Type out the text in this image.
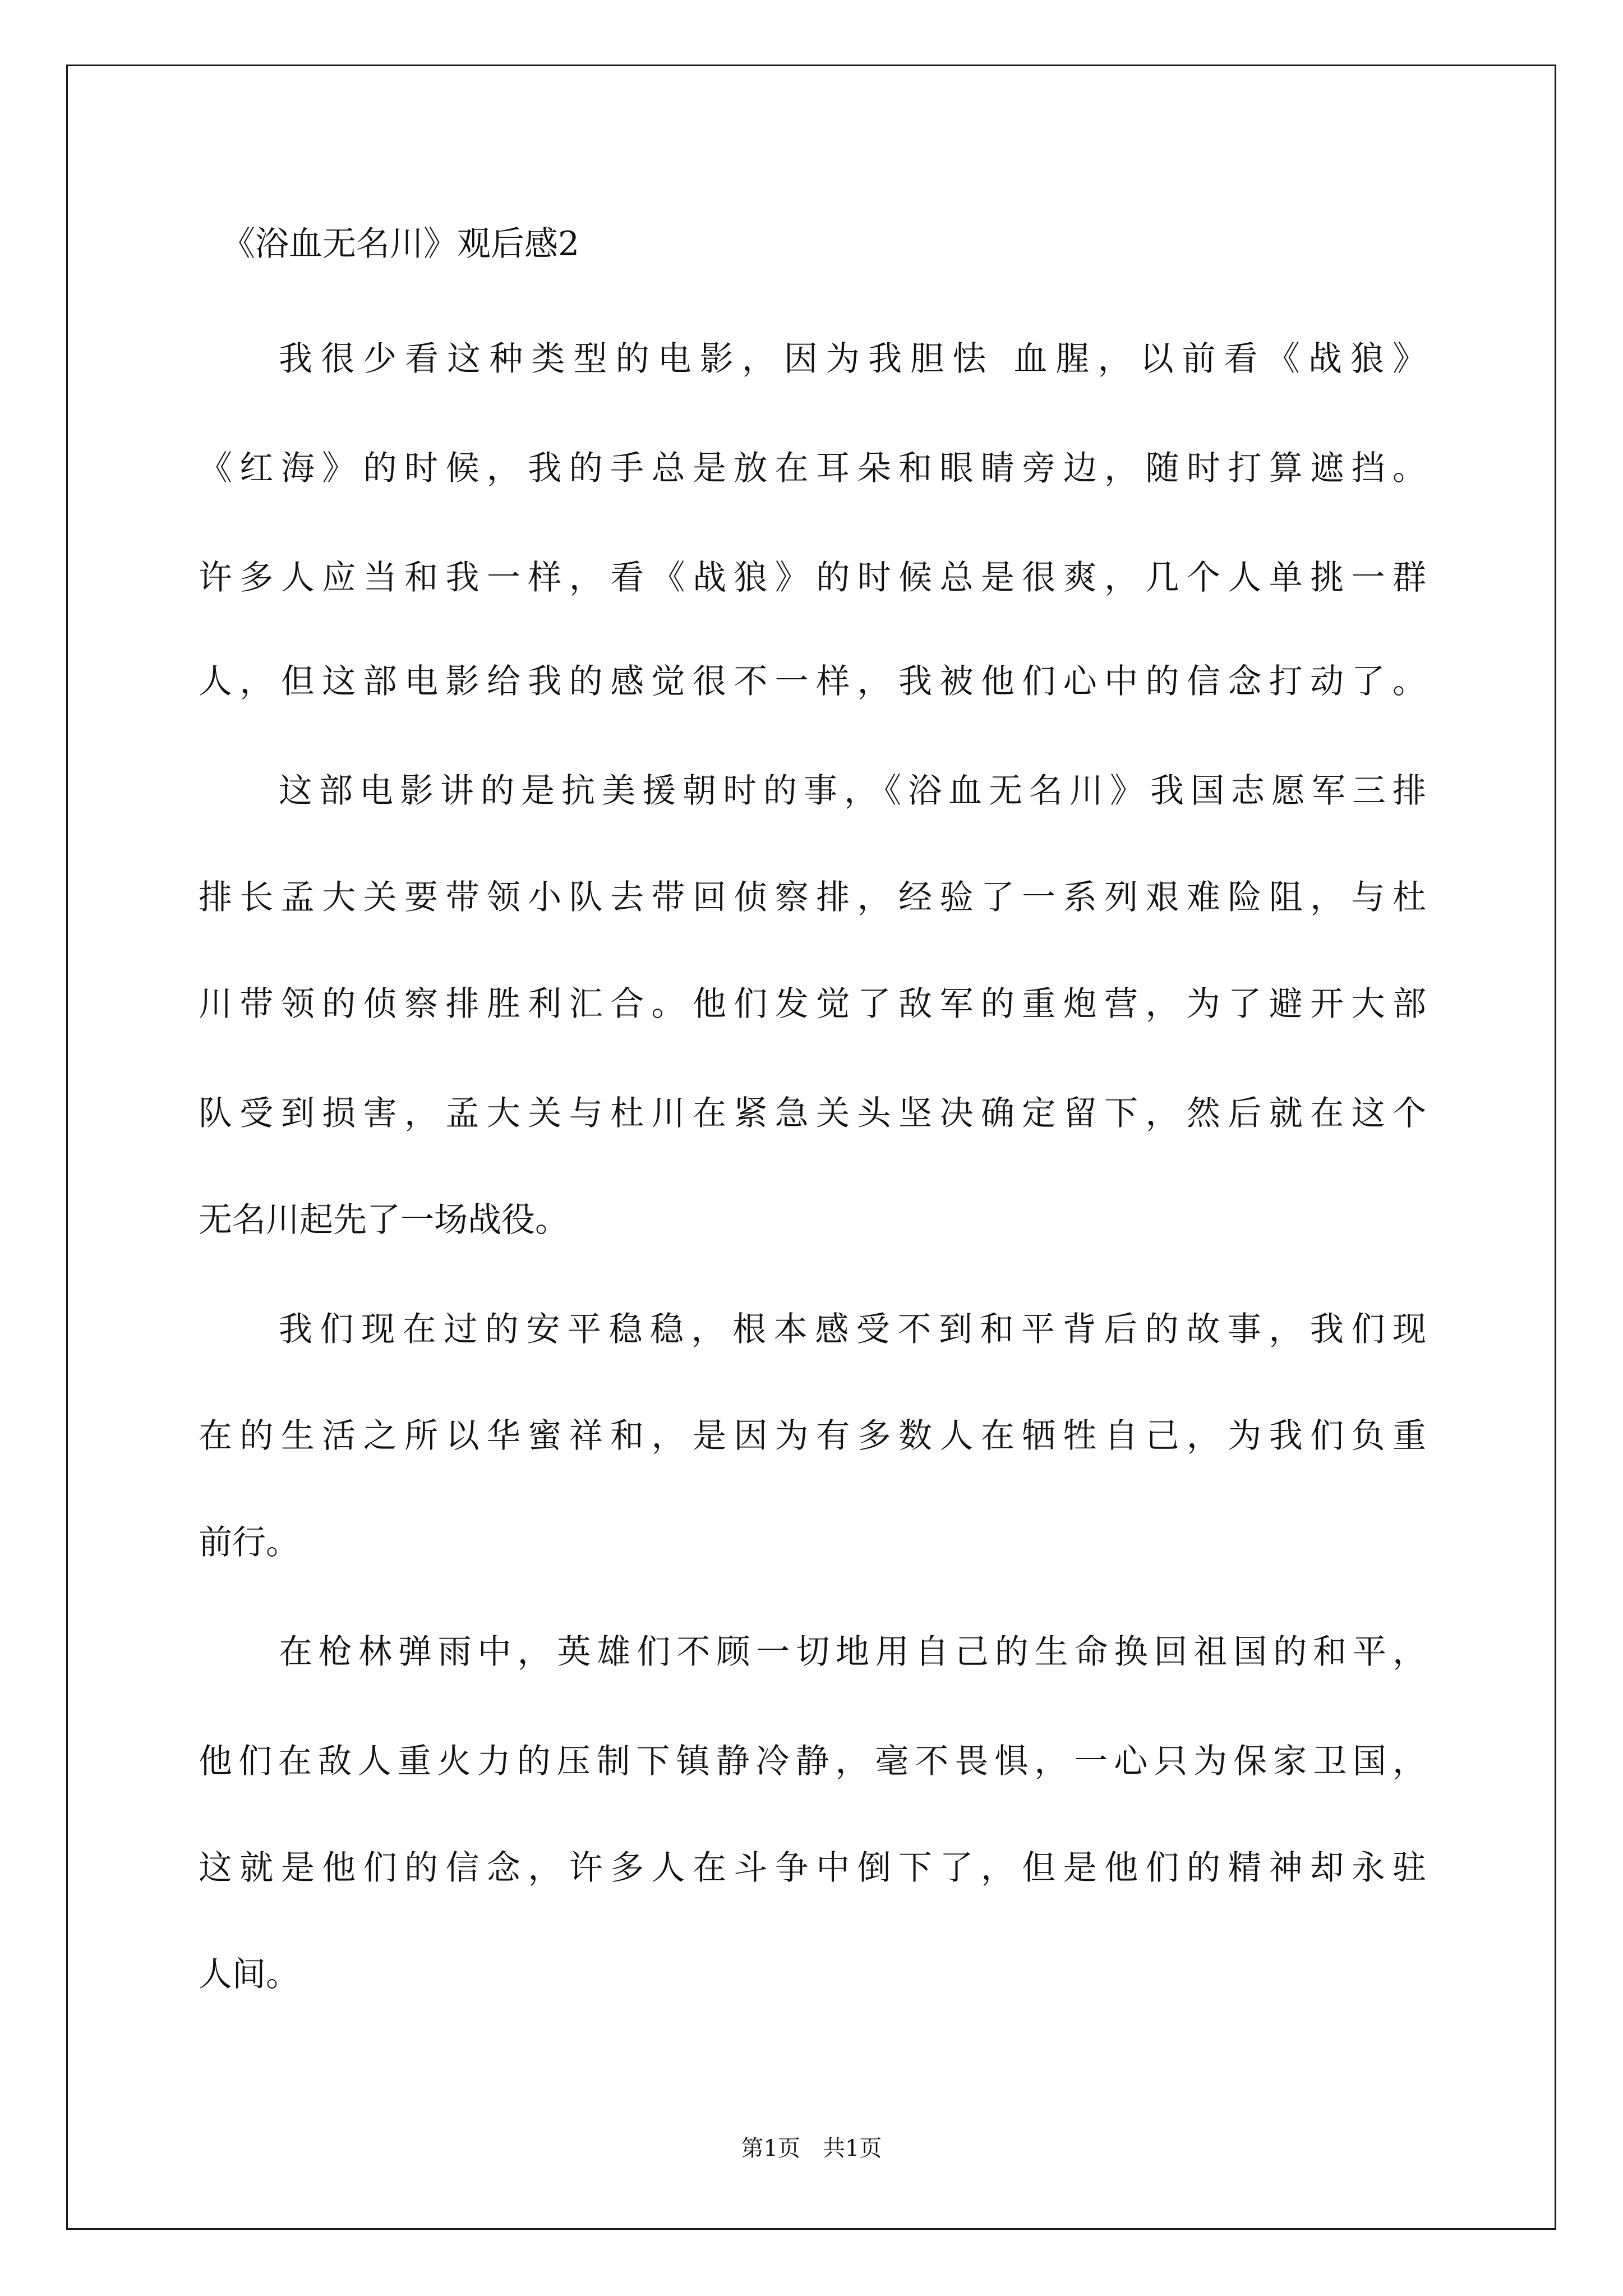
《浴血无名川》观后感2

我很少看这种类型的电影，因为我胆怯 血腥，以前看《战狼》

《红海》的时候，我的手总是放在耳朵和眼睛旁边，随时打算遮挡。

许多人应当和我一样，看《战狼》的时候总是很爽，几个人单挑一群

人，但这部电影给我的感觉很不一样，我被他们心中的信念打动了。

这部电影讲的是抗美援朝时的事，《浴血无名川》我国志愿军三排

排长孟大关要带领小队去带回侦察排，经验了一系列艰难险阻，与杜

川带领的侦察排胜利汇合。他们发觉了敌军的重炮营，为了避开大部

队受到损害，孟大关与杜川在紧急关头坚决确定留下，然后就在这个

无名川起先了一场战役。

我们现在过的安平稳稳，根本感受不到和平背后的故事，我们现

在的生活之所以华蜜祥和，是因为有多数人在牺牲自己，为我们负重

前行。

在枪林弹雨中，英雄们不顾一切地用自己的生命换回祖国的和平，

他们在敌人重火力的压制下镇静冷静，毫不畏惧，一心只为保家卫国，

这就是他们的信念，许多人在斗争中倒下了，但是他们的精神却永驻

人间。

第1页　共1页
